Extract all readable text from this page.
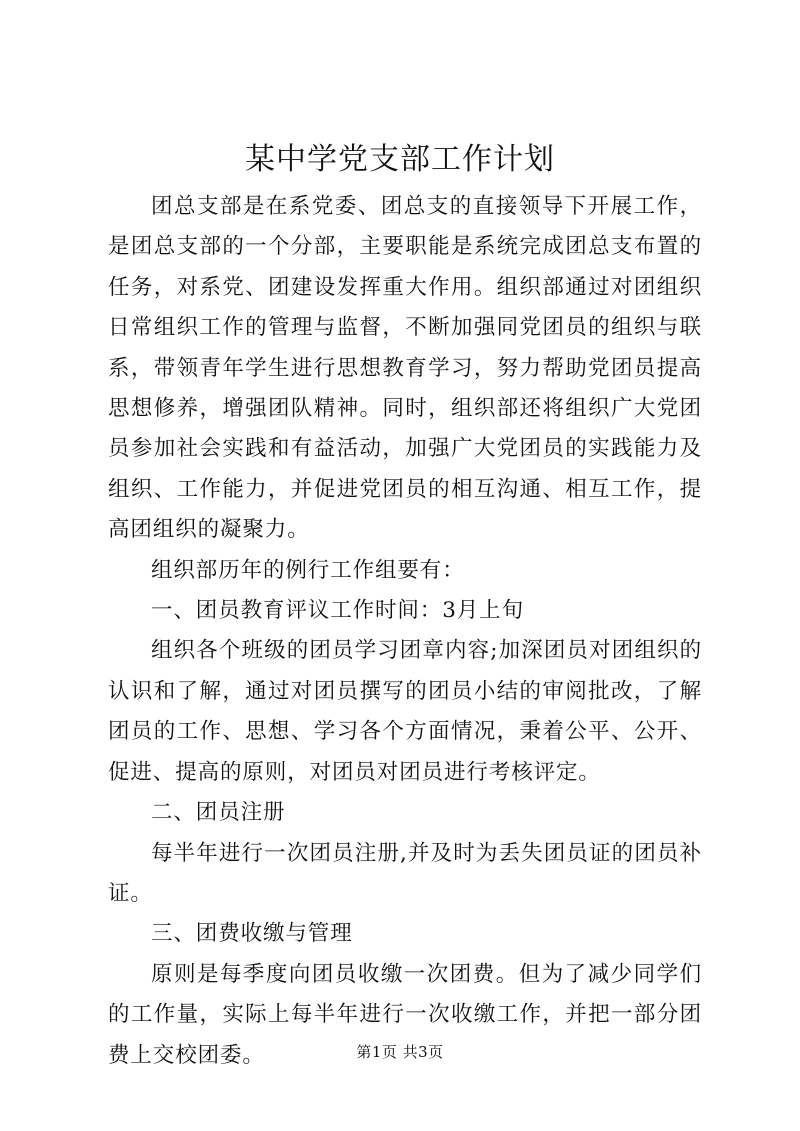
某中学党支部工作计划

团总支部是在系党委、团总支的直接领导下开展工作，是团总支部的一个分部，主要职能是系统完成团总支布置的任务，对系党、团建设发挥重大作用。组织部通过对团组织日常组织工作的管理与监督，不断加强同党团员的组织与联系，带领青年学生进行思想教育学习，努力帮助党团员提高思想修养，增强团队精神。同时，组织部还将组织广大党团员参加社会实践和有益活动，加强广大党团员的实践能力及组织、工作能力，并促进党团员的相互沟通、相互工作，提高团组织的凝聚力。

组织部历年的例行工作组要有：

一、团员教育评议工作时间：3月上旬

组织各个班级的团员学习团章内容;加深团员对团组织的认识和了解，通过对团员撰写的团员小结的审阅批改，了解团员的工作、思想、学习各个方面情况，秉着公平、公开、促进、提高的原则，对团员对团员进行考核评定。

二、团员注册

每半年进行一次团员注册,并及时为丢失团员证的团员补证。

三、团费收缴与管理

原则是每季度向团员收缴一次团费。但为了减少同学们的工作量，实际上每半年进行一次收缴工作，并把一部分团费上交校团委。	第1页 共3页
